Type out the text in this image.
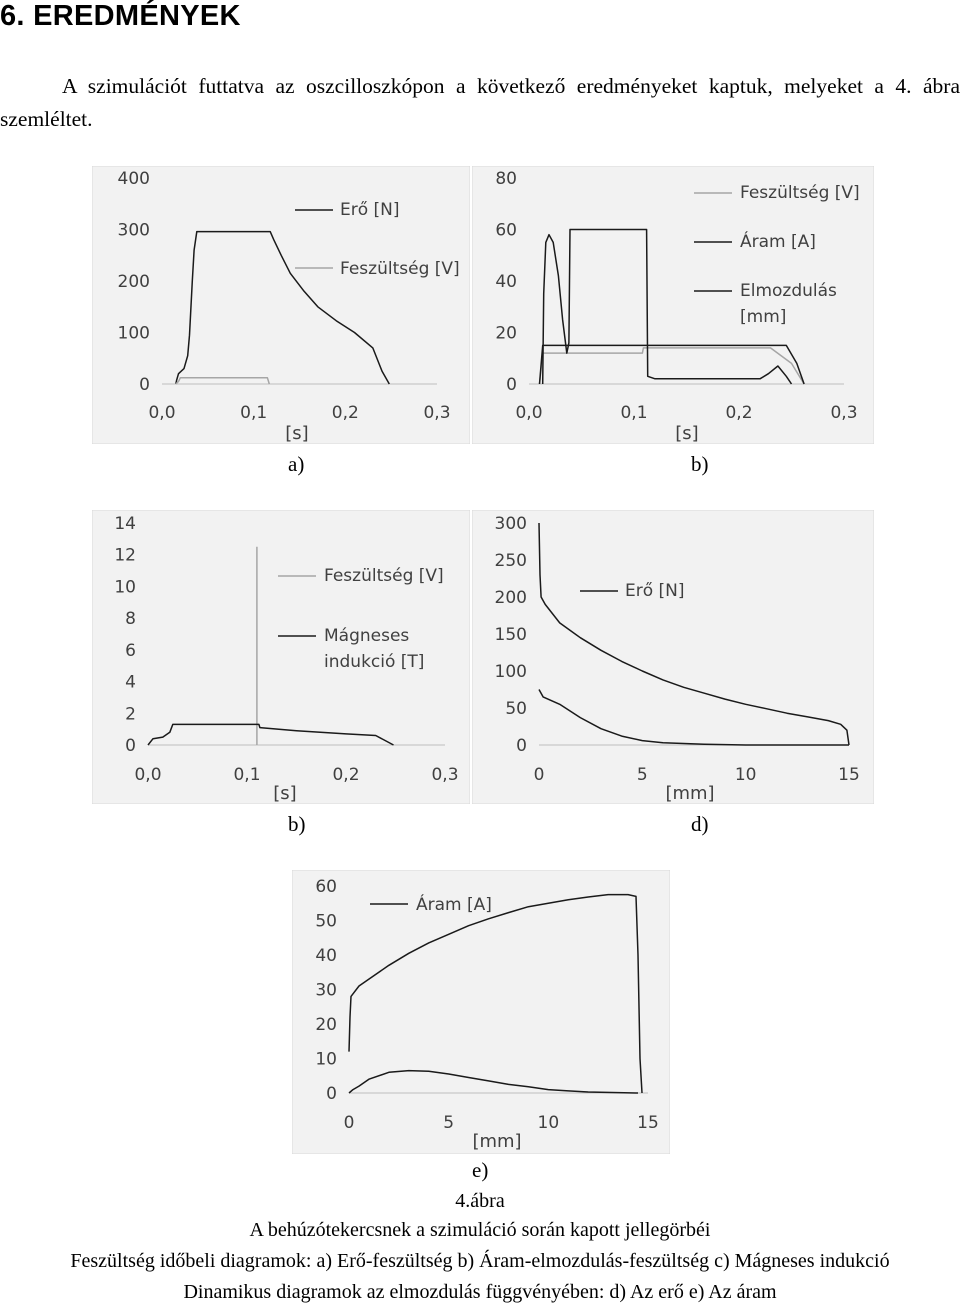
6. EREDMÉNYEK

A szimulációt futtatva az oszcilloszkópon a következő eredményeket kaptuk, melyeket a 4. ábra szemléltet.

0
100
200
300
400
0,0	0,1	0,2	0,3
[s]
Erő [N]
Feszültség [V]
0
20
40
60
80
0,0	0,1	0,2	0,3
[s]
Feszültség [V]
Áram [A]
Elmozdulás
[mm]
a)	b)
0
2
4
6
8
10
12
14
0,0	0,1	0,2	0,3
[s]
Feszültség [V]
Mágneses
indukció [T]
0
50
100
150
200
250
300
0	5	10	15
[mm]
Erő [N]
b)	d)
0
10
20
30
40
50
60
0	5	10	15
[mm]
Áram [A]
e)
4.ábra
A behúzótekercsnek a szimuláció során kapott jellegörbéi
Feszültség időbeli diagramok: a) Erő-feszültség b) Áram-elmozdulás-feszültség c) Mágneses indukció
Dinamikus diagramok az elmozdulás függvényében: d) Az erő e) Az áram
